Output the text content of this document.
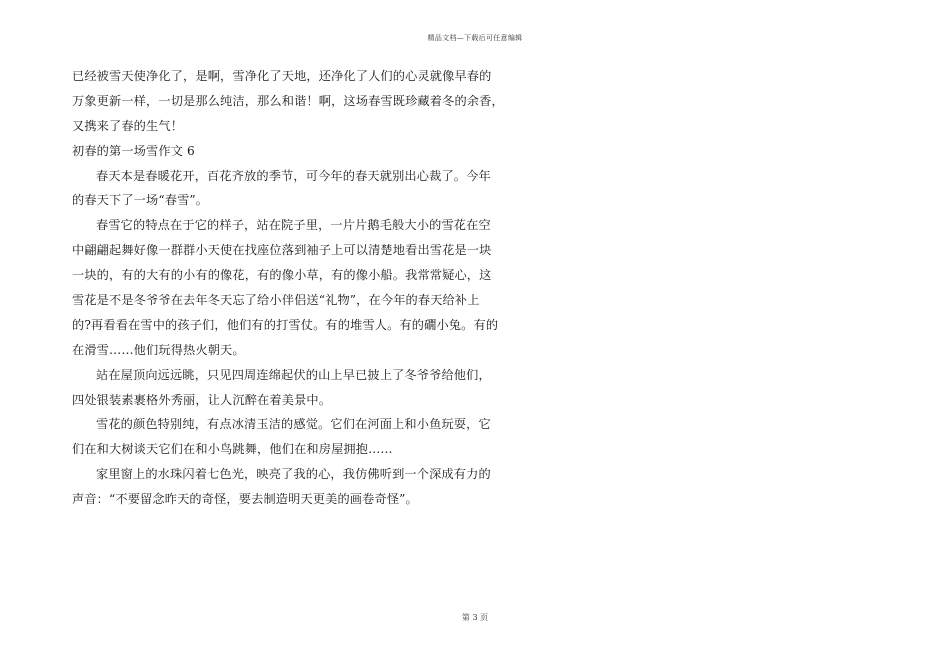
精品文档—下载后可任意编辑
已经被雪天使净化了，是啊，雪净化了天地，还净化了人们的心灵就像早春的
万象更新一样，一切是那么纯洁，那么和谐！啊，这场春雪既珍藏着冬的余香，
又携来了春的生气！
初春的第一场雪作文 6
春天本是春暖花开，百花齐放的季节，可今年的春天就别出心裁了。今年
的春天下了一场“春雪”。
春雪它的特点在于它的样子，站在院子里，一片片鹅毛般大小的雪花在空
中翩翩起舞好像一群群小天使在找座位落到袖子上可以清楚地看出雪花是一块
一块的，有的大有的小有的像花，有的像小草，有的像小船。我常常疑心，这
雪花是不是冬爷爷在去年冬天忘了给小伴侣送“礼物”，在今年的春天给补上
的?再看看在雪中的孩子们，他们有的打雪仗。有的堆雪人。有的礀小兔。有的
在滑雪……他们玩得热火朝天。
站在屋顶向远远眺，只见四周连绵起伏的山上早已披上了冬爷爷给他们，
四处银装素裹格外秀丽，让人沉醉在着美景中。
雪花的颜色特别纯，有点冰清玉洁的感觉。它们在河面上和小鱼玩耍，它
们在和大树谈天它们在和小鸟跳舞，他们在和房屋拥抱……
家里窗上的水珠闪着七色光，映亮了我的心，我仿佛听到一个深成有力的
声音：“不要留念昨天的奇怪，要去制造明天更美的画卷奇怪”。
第 3 页
